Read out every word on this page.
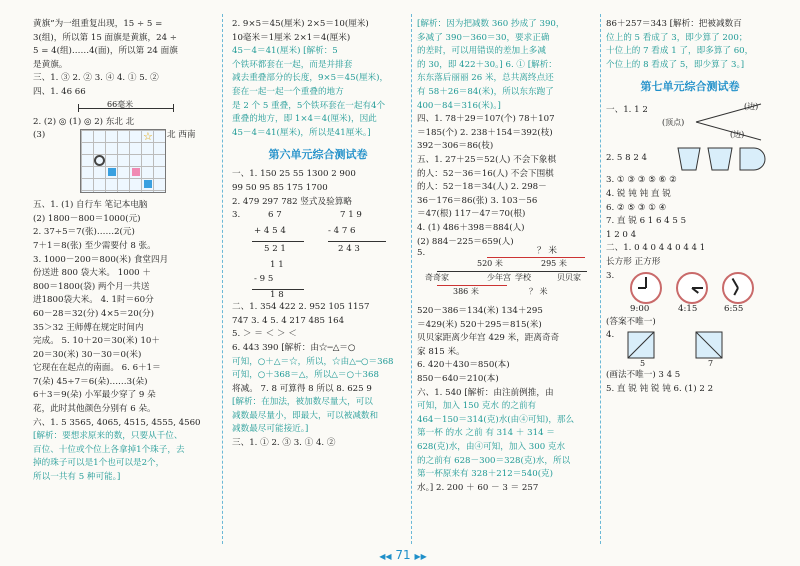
黄旗”为一组重复出现，15 ÷ 5 =
3(组)，所以第 15 面旗是黄旗，24 ÷
5 = 4(组)……4(面)，所以第 24 面旗
是黄旗。
三、1. ③ 2. ② 3. ④ 4. ① 5. ②
四、1. 46 66
66毫米
2. (2) ◎ (1) ◎ 2) 东北 北
(3)	☆ 北 西南
五、1. (1) 自行车 笔记本电脑
(2) 1800－800＝1000(元)
2. 37÷5＝7(张)……2(元)
7＋1＝8(张) 至少需要付 8 张。
3. 1000－200＝800(米) 食堂四月
份送进 800 袋大米。 1000 ＋
800＝1800(袋) 两个月一共送
进1800袋大米。 4. 1时＝60分
60－28＝32(分) 4×5＝20(分)
35＞32 王师傅在规定时间内
完成。 5. 10＋20＝30(米) 10＋
20＝30(米) 30－30＝0(米)
它现在在起点的南面。 6. 6＋1＝
7(朵) 45÷7＝6(朵)……3(朵)
6＋3＝9(朵) 小军最少穿了 9 朵
花，此时其他颜色分别有 6 朵。
六、1. 5 3565, 4065, 4515, 4555, 4560
[解析：要想求原来的数，只要从千位、
百位、十位或个位上各拿掉1个珠子，去
掉的珠子可以是1个也可以是2个，
所以一共有 5 种可能。]
2. 9×5＝45(厘米) 2×5＝10(厘米)
10毫米＝1厘米 2×1＝4(厘米)
45－4＝41(厘米) [解析：5
个铁环都套在一起，而是并排套
减去重叠部分的长度，9×5＝45(厘米)，
套在一起一起一个重叠的地方
是 2 个 5 重叠，5个铁环套在一起有4个
重叠的地方，即 1×4＝4(厘米)，因此
45－4＝41(厘米)，所以是41厘米。]
第六单元综合测试卷
一、1. 150 25 55 1300 2 900
99 50 95 85 175 1700
2. 479 297 782 竖式及验算略
3.	6 7
+ 4 5 4
5 2 1
7 1 9
- 4 7 6
2 4 3
1 1
- 9 5
1 8
二、1. 354 422 2. 952 105 1157
747 3. 4 5. 4 217 485 164
5. ＞ ＝ ＜ ＞ ＜
6. 443 390 [解析：由☆─△＝○
可知，○＋△＝☆，所以，☆由△─○＝368
可知，○＋368＝△，所以△＝○＋368
将减。 7. 8 可算得 8 所以 8. 625 9
[解析：在加法，被加数尽量大，可以
减数最尽量小，即最大，可以被减数和
减数最尽可能接近。]
三、1. ① 2. ③ 3. ① 4. ②
[解析：因为把减数 360 抄成了 390，
多减了 390－360＝30，要求正确
的差时，可以用错误的差加上多减
的 30，即 422＋30。] 6. ① [解析：
东东落后丽丽 26 米，总共离终点还
有 58＋26＝84(米)，所以东东跑了
400－84＝316(米)。]
四、1. 78＋29＝107(个) 78＋107
＝185(个) 2. 238＋154＝392(枝)
392－306＝86(枝)
五、1. 27＋25＝52(人) 不会下象棋
的人：52－36＝16(人) 不会下围棋
的人：52－18＝34(人) 2. 298－
36－176＝86(张) 3. 103－56
＝47(根) 117－47＝70(根)
4. (1) 486＋398＝884(人)
(2) 884－225＝659(人)
5.	？ 米
520 米	295 米
奇奇家	少年宫 学校	贝贝家
386 米	？ 米
520－386＝134(米) 134＋295
＝429(米) 520＋295＝815(米)
贝贝家距离少年宫 429 米，距离奇奇
家 815 米。
6. 420＋430＝850(本)
850－640＝210(本)
六、1. 540 [解析：由注前例推，由
可知，加入 150 克水 的之前有
464－150＝314(克)水(由④可知)，那么
第一杯 的水 之前 有 314 ＋ 314 ＝
628(克)水，由④可知，加入 300 克水
的之前有 628－300＝328(克)水，所以
第一杯原来有 328＋212＝540(克)
水。] 2. 200 ＋ 60 － 3 ＝ 257
86＋257＝343 [解析：把被减数百
位上的 5 看成了 3，即少算了 200；
十位上的 7 看成 1 了，即多算了 60，
个位上的 8 看成了 5，即少算了 3。]
第七单元综合测试卷
一、1. 1 2	(边)
(顶点)
(边)
2. 5 8 2 4
3. ① ③ ③ ⑤ ⑥ ②
4. 锐 钝 钝 直 锐
6. ② ⑤ ③ ① ④
7. 直 锐 6 1 6 4 5 5
1 2 0 4
二、1. 0 4 0 4 4 0 4 4 1
长方形 正方形
3.
9:00	4:15	6:55
(答案不唯一)
4.
5	7
(画法不唯一) 3 4 5
5. 直 锐 钝 锐 钝 6. (1) 2 2
◀◀ 71 ▶▶
